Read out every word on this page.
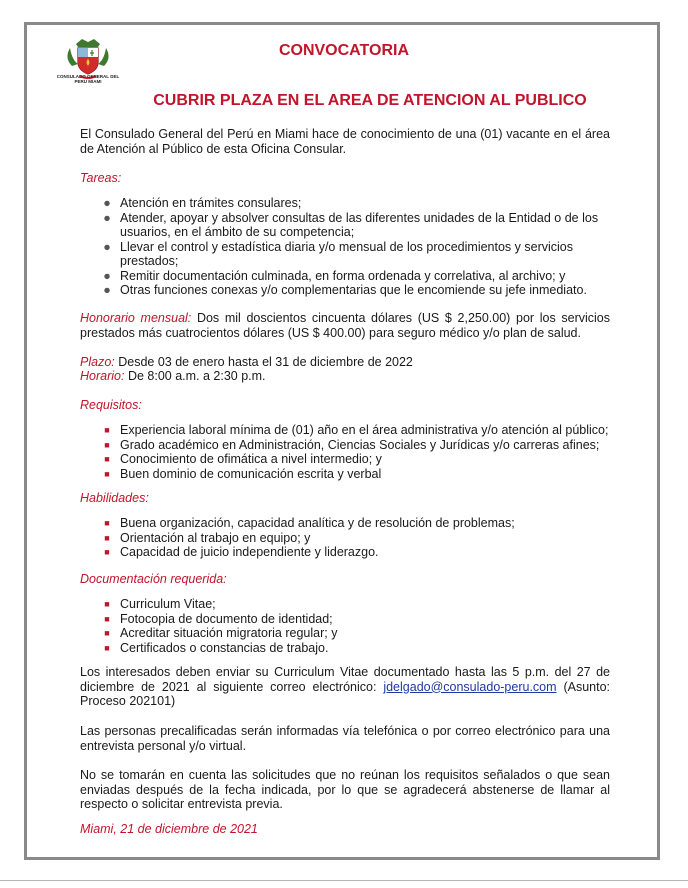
CONSULADO GENERAL DEL PERU MIAMI
CONVOCATORIA
CUBRIR PLAZA EN EL AREA DE ATENCION AL PUBLICO
El Consulado General del Perú en Miami hace de conocimiento de una (01) vacante en el área de Atención al Público de esta Oficina Consular.
Tareas:
● Atención en trámites consulares;
● Atender, apoyar y absolver consultas de las diferentes unidades de la Entidad o de los usuarios, en el ámbito de su competencia;
● Llevar el control y estadística diaria y/o mensual de los procedimientos y servicios prestados;
● Remitir documentación culminada, en forma ordenada y correlativa, al archivo; y
● Otras funciones conexas y/o complementarias que le encomiende su jefe inmediato.
Honorario mensual: Dos mil doscientos cincuenta dólares (US $ 2,250.00) por los servicios prestados más cuatrocientos dólares (US $ 400.00) para seguro médico y/o plan de salud.
Plazo: Desde 03 de enero hasta el 31 de diciembre de 2022
Horario: De 8:00 a.m. a 2:30 p.m.
Requisitos:
■ Experiencia laboral mínima de (01) año en el área administrativa y/o atención al público;
■ Grado académico en Administración, Ciencias Sociales y Jurídicas y/o carreras afines;
■ Conocimiento de ofimática a nivel intermedio; y
■ Buen dominio de comunicación escrita y verbal
Habilidades:
■ Buena organización, capacidad analítica y de resolución de problemas;
■ Orientación al trabajo en equipo; y
■ Capacidad de juicio independiente y liderazgo.
Documentación requerida:
■ Curriculum Vitae;
■ Fotocopia de documento de identidad;
■ Acreditar situación migratoria regular; y
■ Certificados o constancias de trabajo.
Los interesados deben enviar su Curriculum Vitae documentado hasta las 5 p.m. del 27 de diciembre de 2021 al siguiente correo electrónico: jdelgado@consulado-peru.com (Asunto: Proceso 202101)
Las personas precalificadas serán informadas vía telefónica o por correo electrónico para una entrevista personal y/o virtual.
No se tomarán en cuenta las solicitudes que no reúnan los requisitos señalados o que sean enviadas después de la fecha indicada, por lo que se agradecerá abstenerse de llamar al respecto o solicitar entrevista previa.
Miami, 21 de diciembre de 2021
